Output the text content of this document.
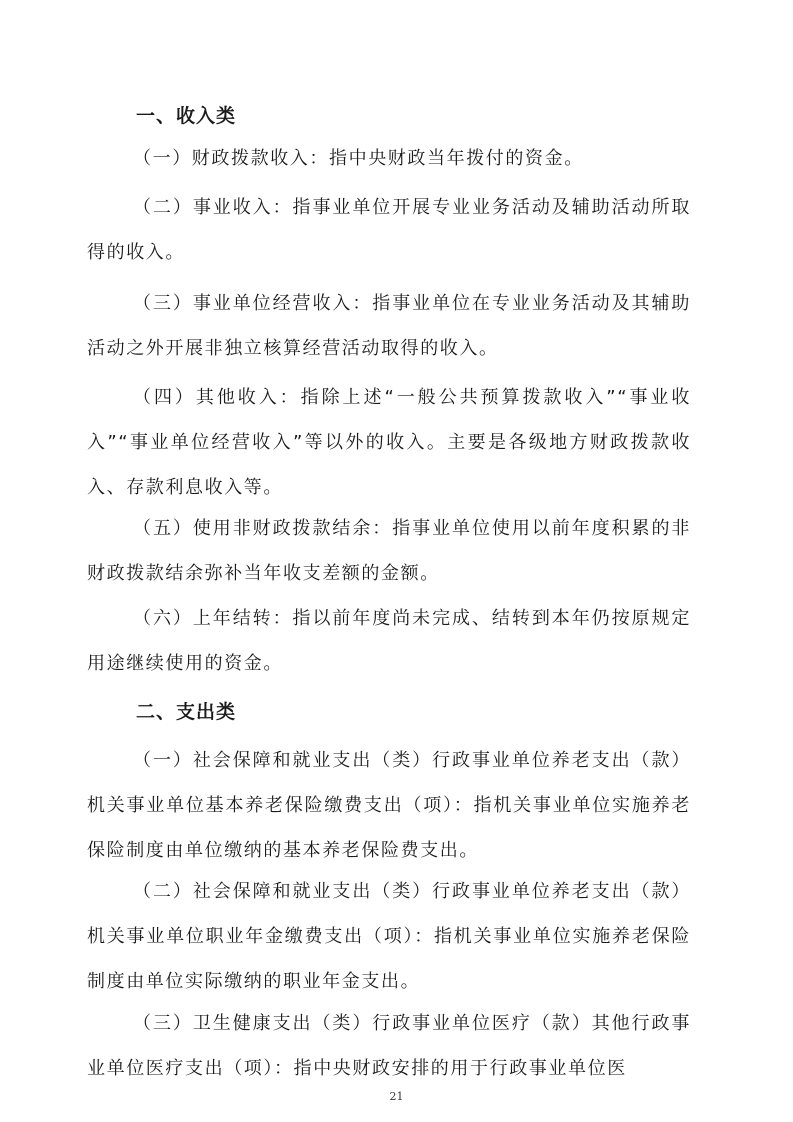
一、收入类

（一）财政拨款收入：指中央财政当年拨付的资金。

（二）事业收入：指事业单位开展专业业务活动及辅助活动所取得的收入。

（三）事业单位经营收入：指事业单位在专业业务活动及其辅助活动之外开展非独立核算经营活动取得的收入。

（四）其他收入：指除上述“一般公共预算拨款收入”“事业收入”“事业单位经营收入”等以外的收入。主要是各级地方财政拨款收入、存款利息收入等。

（五）使用非财政拨款结余：指事业单位使用以前年度积累的非财政拨款结余弥补当年收支差额的金额。

（六）上年结转：指以前年度尚未完成、结转到本年仍按原规定用途继续使用的资金。

二、支出类

（一）社会保障和就业支出（类）行政事业单位养老支出（款）机关事业单位基本养老保险缴费支出（项）：指机关事业单位实施养老保险制度由单位缴纳的基本养老保险费支出。

（二）社会保障和就业支出（类）行政事业单位养老支出（款）机关事业单位职业年金缴费支出（项）：指机关事业单位实施养老保险制度由单位实际缴纳的职业年金支出。

（三）卫生健康支出（类）行政事业单位医疗（款）其他行政事业单位医疗支出（项）：指中央财政安排的用于行政事业单位医

21
